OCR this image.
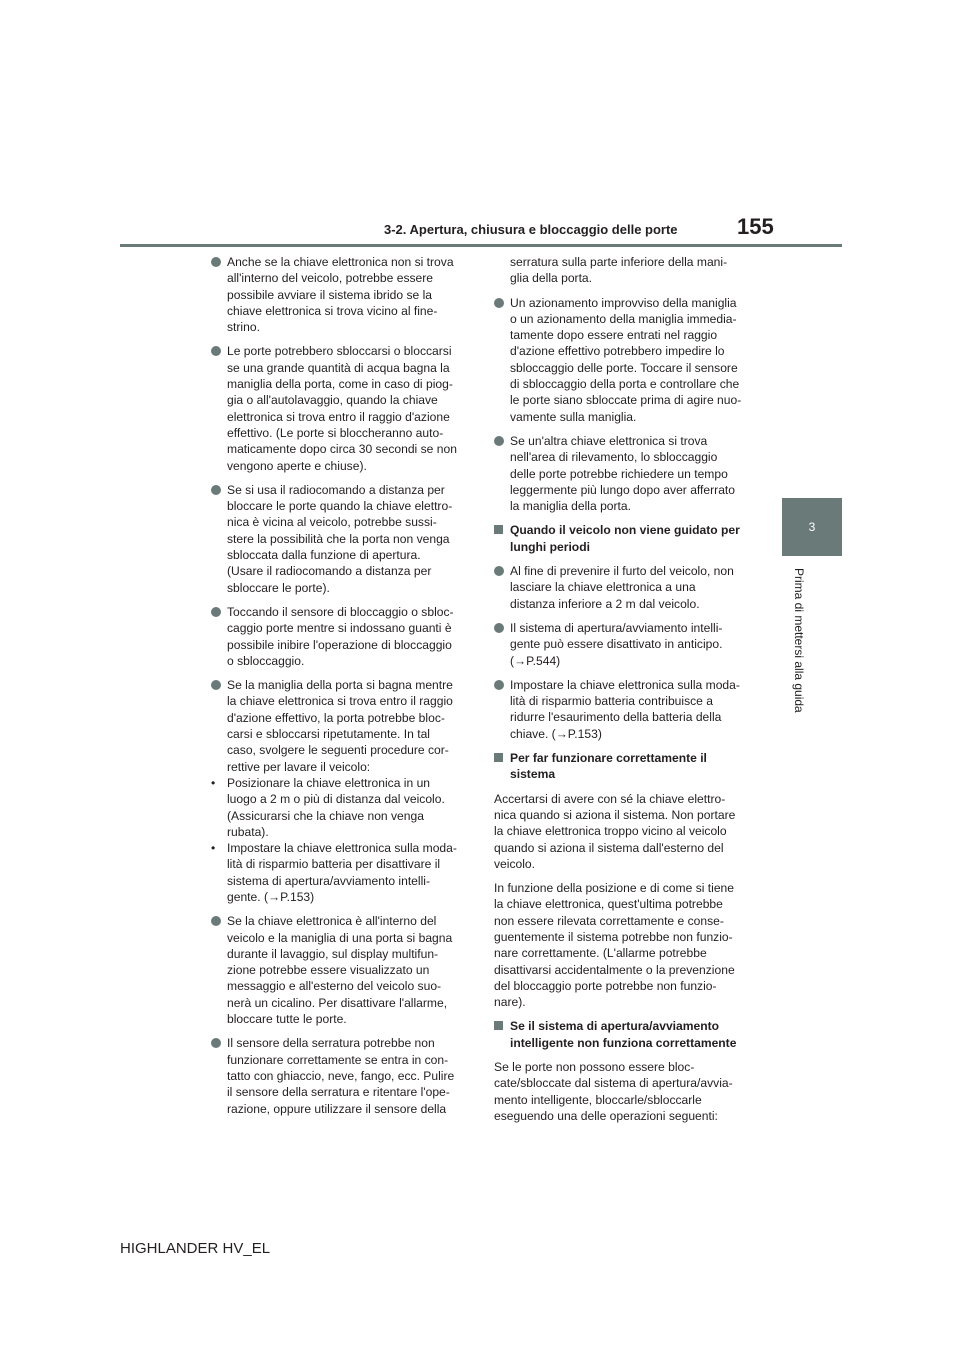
3-2. Apertura, chiusura e bloccaggio delle porte	155
3
Prima di mettersi alla guida
Anche se la chiave elettronica non si trova
all'interno del veicolo, potrebbe essere
possibile avviare il sistema ibrido se la
chiave elettronica si trova vicino al fine-
strino.
Le porte potrebbero sbloccarsi o bloccarsi
se una grande quantità di acqua bagna la
maniglia della porta, come in caso di piog-
gia o all'autolavaggio, quando la chiave
elettronica si trova entro il raggio d'azione
effettivo. (Le porte si bloccheranno auto-
maticamente dopo circa 30 secondi se non
vengono aperte e chiuse).
Se si usa il radiocomando a distanza per
bloccare le porte quando la chiave elettro-
nica è vicina al veicolo, potrebbe sussi-
stere la possibilità che la porta non venga
sbloccata dalla funzione di apertura.
(Usare il radiocomando a distanza per
sbloccare le porte).
Toccando il sensore di bloccaggio o sbloc-
caggio porte mentre si indossano guanti è
possibile inibire l'operazione di bloccaggio
o sbloccaggio.
Se la maniglia della porta si bagna mentre
la chiave elettronica si trova entro il raggio
d'azione effettivo, la porta potrebbe bloc-
carsi e sbloccarsi ripetutamente. In tal
caso, svolgere le seguenti procedure cor-
rettive per lavare il veicolo:
• Posizionare la chiave elettronica in un
luogo a 2 m o più di distanza dal veicolo.
(Assicurarsi che la chiave non venga
rubata).
• Impostare la chiave elettronica sulla moda-
lità di risparmio batteria per disattivare il
sistema di apertura/avviamento intelli-
gente. (→P.153)
Se la chiave elettronica è all'interno del
veicolo e la maniglia di una porta si bagna
durante il lavaggio, sul display multifun-
zione potrebbe essere visualizzato un
messaggio e all'esterno del veicolo suo-
nerà un cicalino. Per disattivare l'allarme,
bloccare tutte le porte.
Il sensore della serratura potrebbe non
funzionare correttamente se entra in con-
tatto con ghiaccio, neve, fango, ecc. Pulire
il sensore della serratura e ritentare l'ope-
razione, oppure utilizzare il sensore della
serratura sulla parte inferiore della mani-
glia della porta.
Un azionamento improvviso della maniglia
o un azionamento della maniglia immedia-
tamente dopo essere entrati nel raggio
d'azione effettivo potrebbero impedire lo
sbloccaggio delle porte. Toccare il sensore
di sbloccaggio della porta e controllare che
le porte siano sbloccate prima di agire nuo-
vamente sulla maniglia.
Se un'altra chiave elettronica si trova
nell'area di rilevamento, lo sbloccaggio
delle porte potrebbe richiedere un tempo
leggermente più lungo dopo aver afferrato
la maniglia della porta.
Quando il veicolo non viene guidato per
lunghi periodi
Al fine di prevenire il furto del veicolo, non
lasciare la chiave elettronica a una
distanza inferiore a 2 m dal veicolo.
Il sistema di apertura/avviamento intelli-
gente può essere disattivato in anticipo.
(→P.544)
Impostare la chiave elettronica sulla moda-
lità di risparmio batteria contribuisce a
ridurre l'esaurimento della batteria della
chiave. (→P.153)
Per far funzionare correttamente il
sistema

Accertarsi di avere con sé la chiave elettro-
nica quando si aziona il sistema. Non portare
la chiave elettronica troppo vicino al veicolo
quando si aziona il sistema dall'esterno del
veicolo.

In funzione della posizione e di come si tiene
la chiave elettronica, quest'ultima potrebbe
non essere rilevata correttamente e conse-
guentemente il sistema potrebbe non funzio-
nare correttamente. (L'allarme potrebbe
disattivarsi accidentalmente o la prevenzione
del bloccaggio porte potrebbe non funzio-
nare).

Se il sistema di apertura/avviamento
intelligente non funziona correttamente

Se le porte non possono essere bloc-
cate/sbloccate dal sistema di apertura/avvia-
mento intelligente, bloccarle/sbloccarle
eseguendo una delle operazioni seguenti:

HIGHLANDER HV_EL
